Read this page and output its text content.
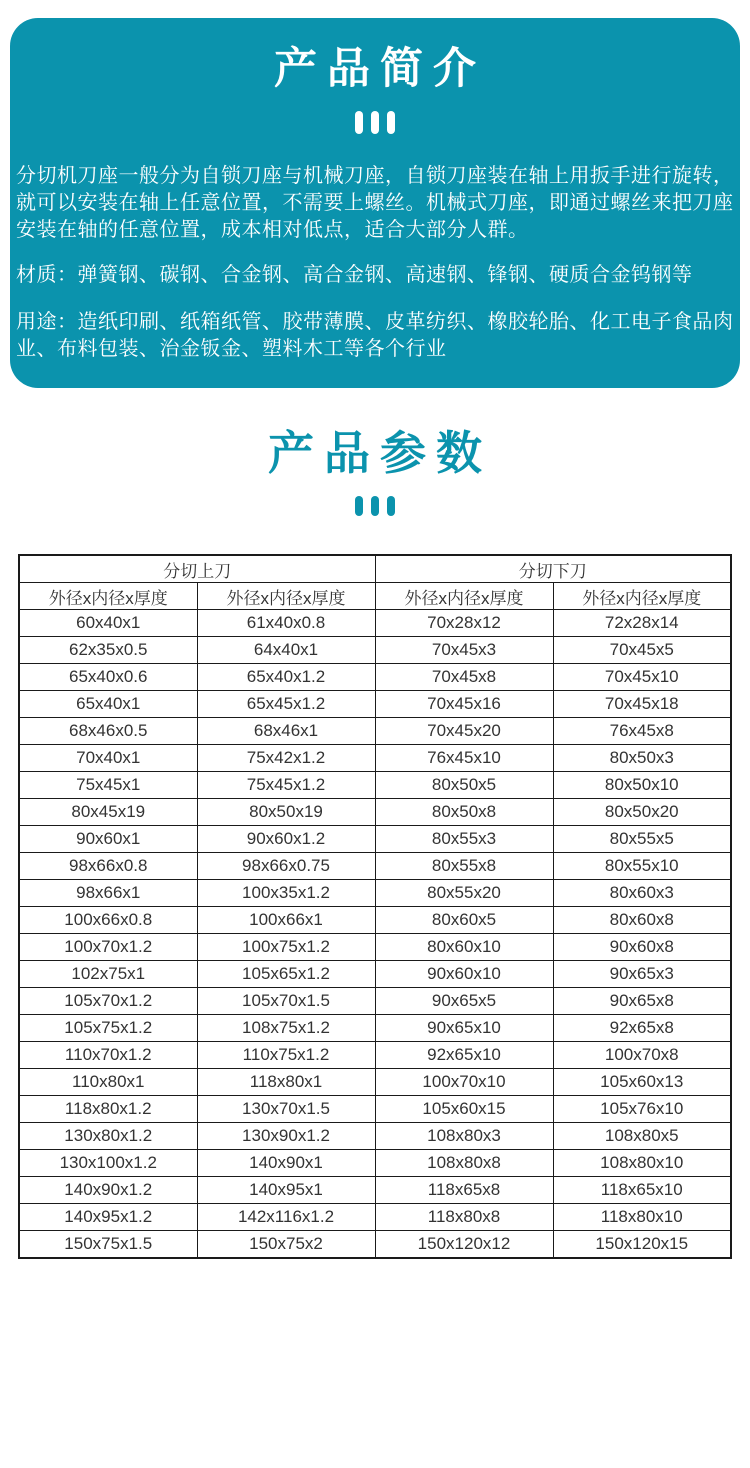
产品简介

分切机刀座一般分为自锁刀座与机械刀座，自锁刀座装在轴上用扳手进行旋转，就可以安装在轴上任意位置，不需要上螺丝。机械式刀座，即通过螺丝来把刀座安装在轴的任意位置，成本相对低点，适合大部分人群。

材质：弹簧钢、碳钢、合金钢、高合金钢、高速钢、锋钢、硬质合金钨钢等

用途：造纸印刷、纸箱纸管、胶带薄膜、皮革纺织、橡胶轮胎、化工电子食品肉业、布料包装、治金钣金、塑料木工等各个行业

产品参数
分切上刀		分切下刀	
外径x内径x厚度	外径x内径x厚度	外径x内径x厚度	外径x内径x厚度
60x40x1	61x40x0.8	70x28x12	72x28x14
62x35x0.5	64x40x1	70x45x3	70x45x5
65x40x0.6	65x40x1.2	70x45x8	70x45x10
65x40x1	65x45x1.2	70x45x16	70x45x18
68x46x0.5	68x46x1	70x45x20	76x45x8
70x40x1	75x42x1.2	76x45x10	80x50x3
75x45x1	75x45x1.2	80x50x5	80x50x10
80x45x19	80x50x19	80x50x8	80x50x20
90x60x1	90x60x1.2	80x55x3	80x55x5
98x66x0.8	98x66x0.75	80x55x8	80x55x10
98x66x1	100x35x1.2	80x55x20	80x60x3
100x66x0.8	100x66x1	80x60x5	80x60x8
100x70x1.2	100x75x1.2	80x60x10	90x60x8
102x75x1	105x65x1.2	90x60x10	90x65x3
105x70x1.2	105x70x1.5	90x65x5	90x65x8
105x75x1.2	108x75x1.2	90x65x10	92x65x8
110x70x1.2	110x75x1.2	92x65x10	100x70x8
110x80x1	118x80x1	100x70x10	105x60x13
118x80x1.2	130x70x1.5	105x60x15	105x76x10
130x80x1.2	130x90x1.2	108x80x3	108x80x5
130x100x1.2	140x90x1	108x80x8	108x80x10
140x90x1.2	140x95x1	118x65x8	118x65x10
140x95x1.2	142x116x1.2	118x80x8	118x80x10
150x75x1.5	150x75x2	150x120x12	150x120x15
